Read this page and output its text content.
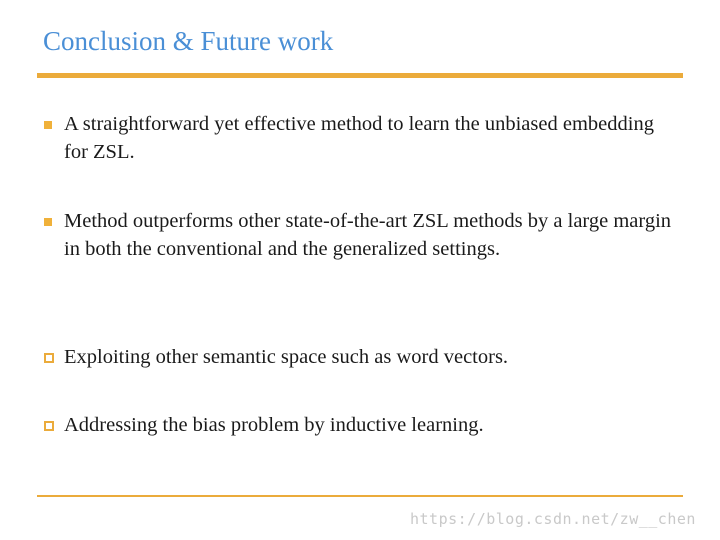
Conclusion & Future work
A straightforward yet effective method to learn the unbiased embedding for ZSL.
Method outperforms other state-of-the-art ZSL methods by a large margin in both the conventional and the generalized settings.
Exploiting other semantic space such as word vectors.
Addressing the bias problem by inductive learning.
https://blog.csdn.net/zw__chen
